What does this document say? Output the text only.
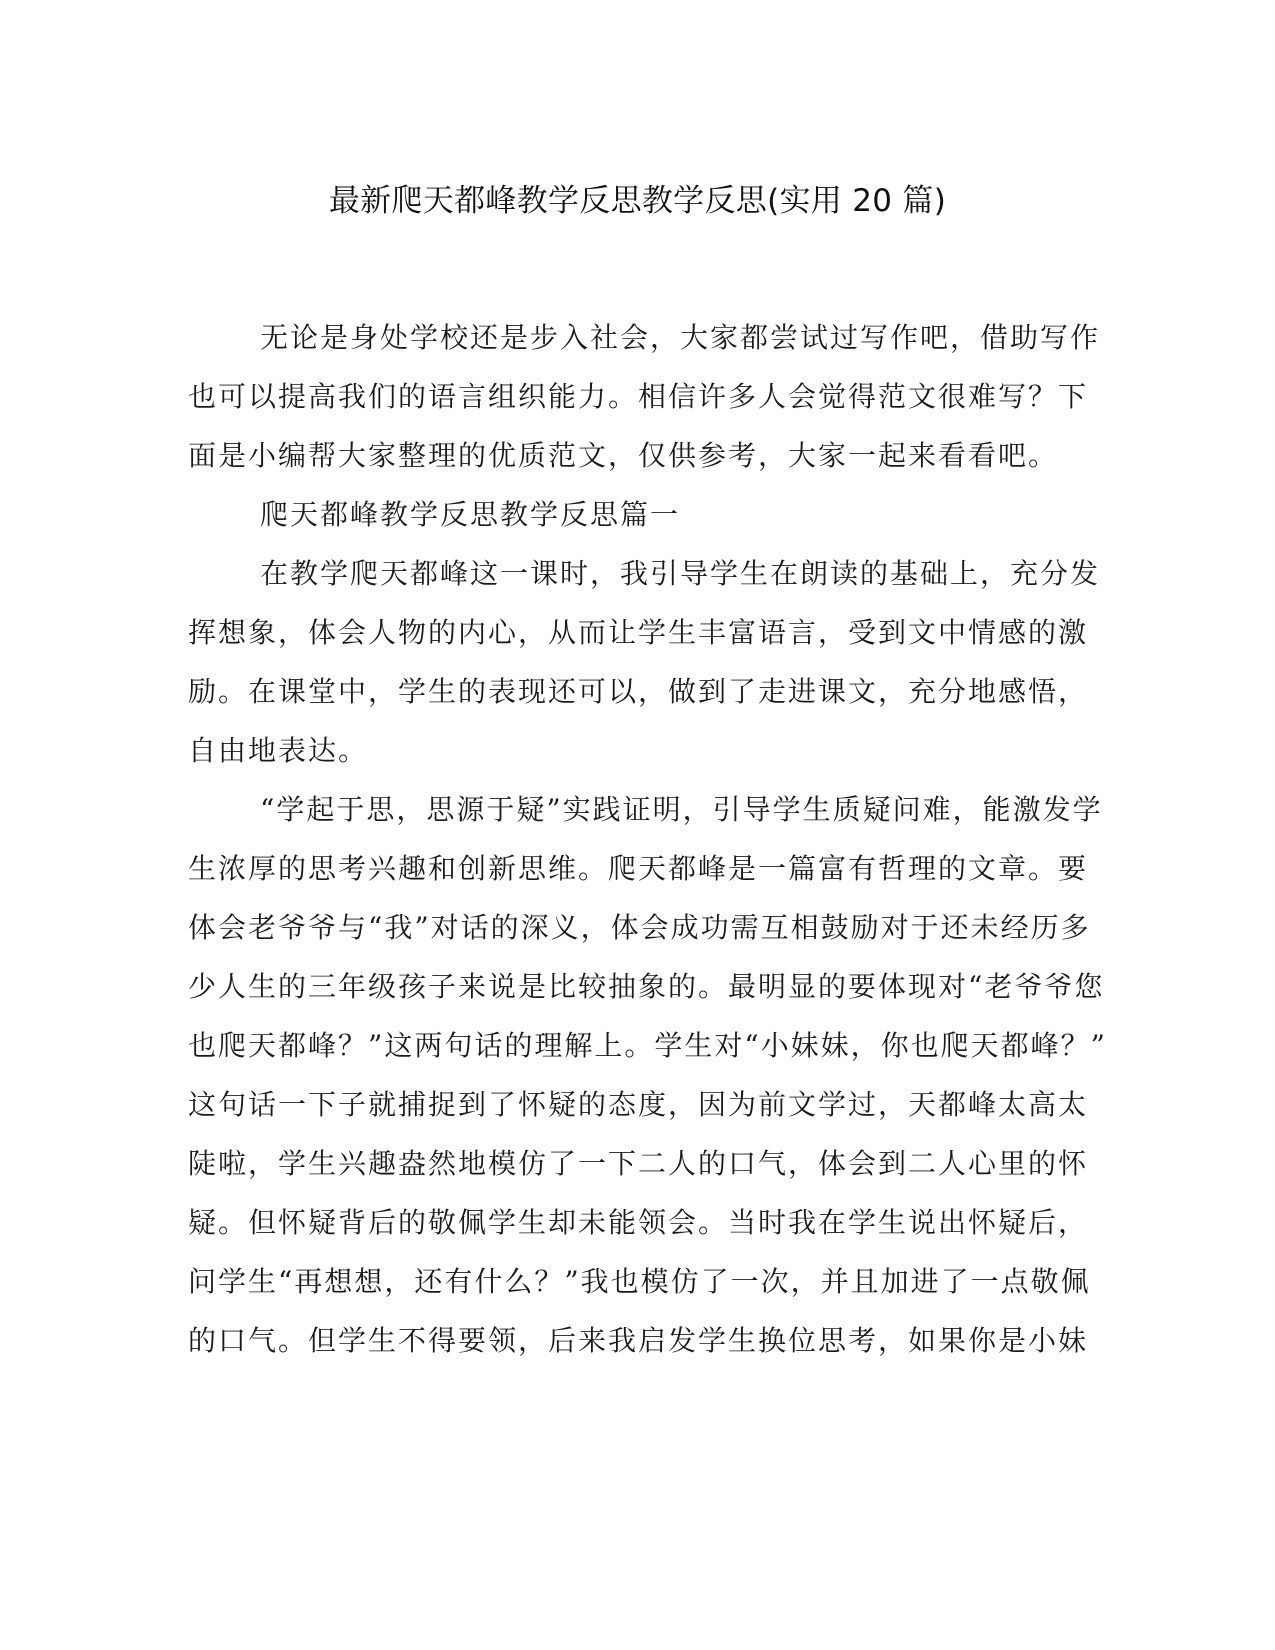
最新爬天都峰教学反思教学反思(实用 20 篇)
无论是身处学校还是步入社会，大家都尝试过写作吧，借助写作
也可以提高我们的语言组织能力。相信许多人会觉得范文很难写？下
面是小编帮大家整理的优质范文，仅供参考，大家一起来看看吧。
爬天都峰教学反思教学反思篇一
在教学爬天都峰这一课时，我引导学生在朗读的基础上，充分发
挥想象，体会人物的内心，从而让学生丰富语言，受到文中情感的激
励。在课堂中，学生的表现还可以，做到了走进课文，充分地感悟，
自由地表达。
“学起于思，思源于疑”实践证明，引导学生质疑问难，能激发学
生浓厚的思考兴趣和创新思维。爬天都峰是一篇富有哲理的文章。要
体会老爷爷与“我”对话的深义，体会成功需互相鼓励对于还未经历多
少人生的三年级孩子来说是比较抽象的。最明显的要体现对“老爷爷您
也爬天都峰？”这两句话的理解上。学生对“小妹妹，你也爬天都峰？”
这句话一下子就捕捉到了怀疑的态度，因为前文学过，天都峰太高太
陡啦，学生兴趣盎然地模仿了一下二人的口气，体会到二人心里的怀
疑。但怀疑背后的敬佩学生却未能领会。当时我在学生说出怀疑后，
问学生“再想想，还有什么？”我也模仿了一次，并且加进了一点敬佩
的口气。但学生不得要领，后来我启发学生换位思考，如果你是小妹
